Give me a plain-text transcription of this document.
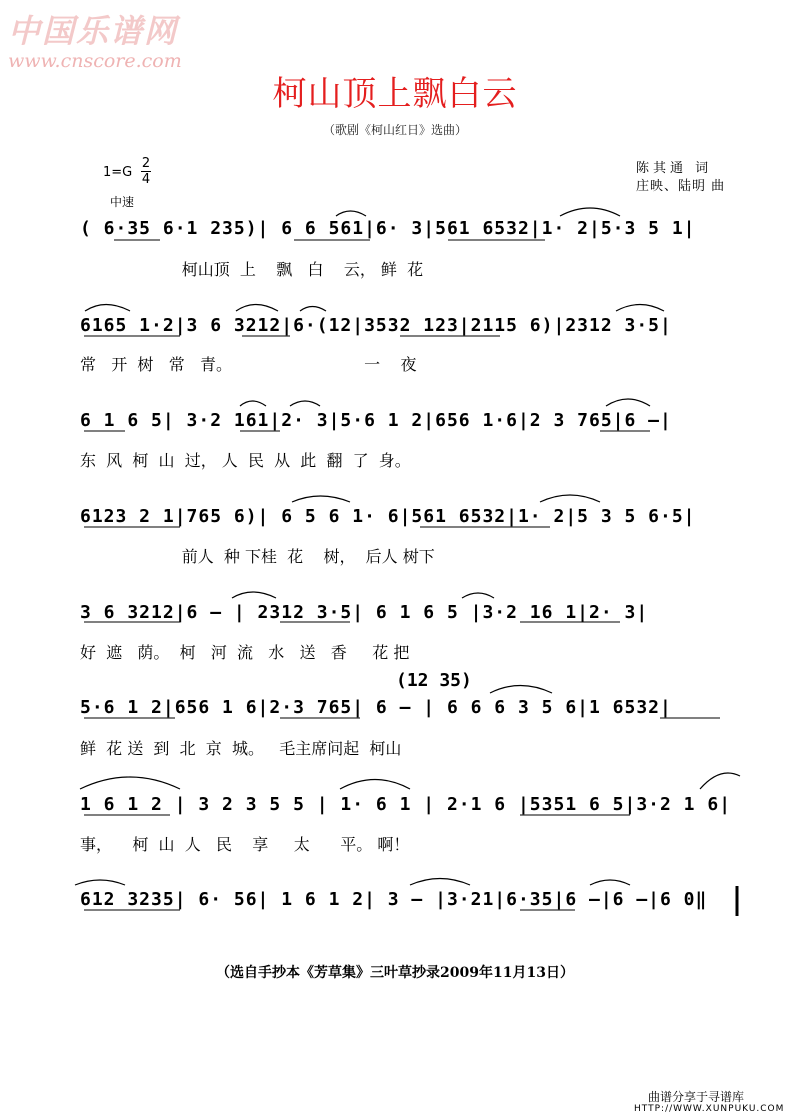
中国乐谱网
www.cnscore.com
柯山顶上飘白云
（歌剧《柯山红日》选曲）
1=G
2
4
中速
陈其通 词
庄映、陆明 曲
( 6·35 6·1 235)| 6 6 561|6· 3|561 6532|1· 2|5·3 5 1|
柯山顶  上    飘   白    云， 鲜  花
6165 1·2|3 6 3212|6·(12|3532 123|2115 6)|2312 3·5|
常   开  树   常   青。                          一    夜
6 1 6 5| 3·2 161|2· 3|5·6 1 2|656 1·6|2 3 765|6 –|
东  风  柯  山  过， 人  民  从  此  翻  了  身。
6123 2 1|765 6)| 6 5 6 1· 6|561 6532|1· 2|5 3 5 6·5|
前人  种 下桂  花    树，  后人 树下
3 6 3212|6 – | 2312 3·5| 6 1 6 5 |3·2 16 1|2· 3|
好  遮   荫。  柯   河  流   水   送   香     花 把
(12 35)
5·6 1 2|656 1 6|2·3 765| 6 – | 6 6 6 3 5 6|1 6532|
鲜  花 送  到  北  京  城。   毛主席问起  柯山
1 6 1 2 | 3 2 3 5 5 | 1· 6 1 | 2·1 6 |5351 6 5|3·2 1 6|
事，    柯  山  人   民    享     太      平。 啊！
612 3235| 6· 56| 1 6 1 2| 3 – |3·21|6·35|6 –|6 –|6 0‖
（选自手抄本《芳草集》三叶草抄录2009年11月13日）
曲谱分享于寻谱库
HTTP://WWW.XUNPUKU.COM
